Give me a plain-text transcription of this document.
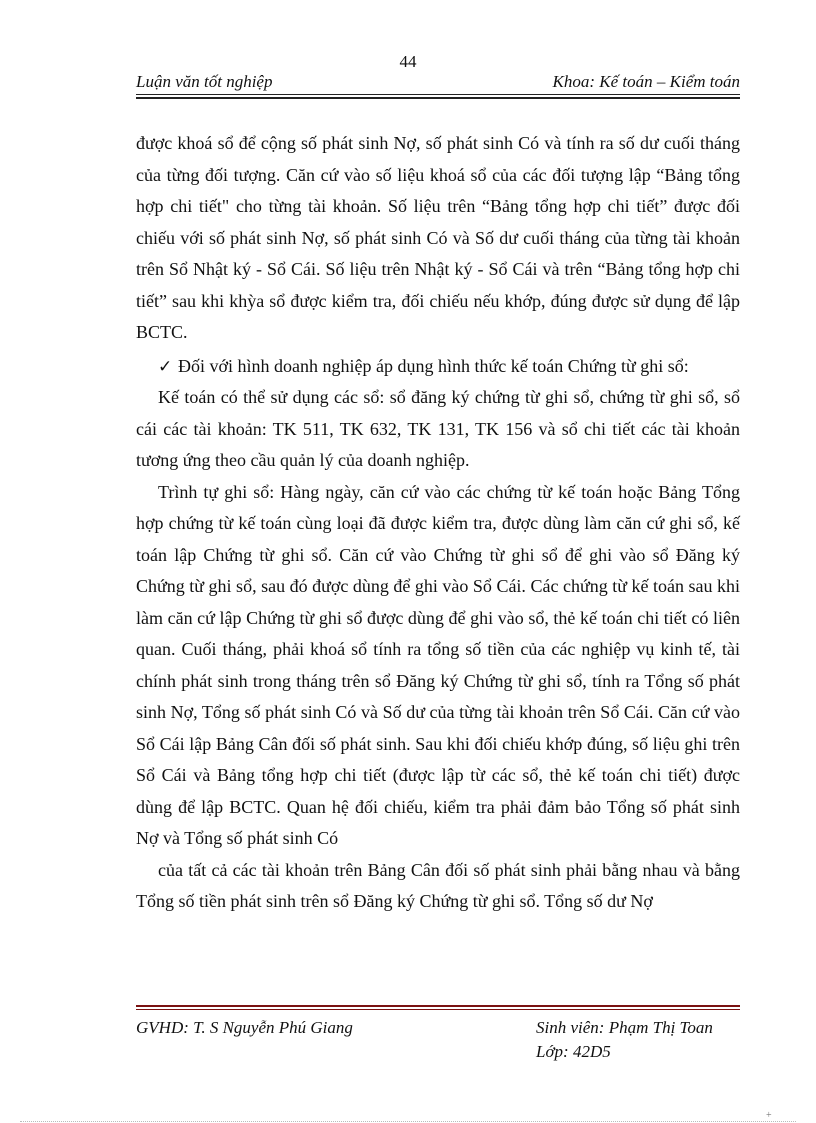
44
Luận văn tốt nghiệp	Khoa: Kế toán – Kiểm toán

được khoá sổ để cộng số phát sinh Nợ, số phát sinh Có và tính ra số dư cuối tháng của từng đối tượng. Căn cứ vào số liệu khoá sổ của các đối tượng lập “Bảng tổng hợp chi tiết" cho từng tài khoản. Số liệu trên “Bảng tổng hợp chi tiết” được đối chiếu với số phát sinh Nợ, số phát sinh Có và Số dư cuối tháng của từng tài khoản trên Sổ Nhật ký - Sổ Cái. Số liệu trên Nhật ký - Sổ Cái và trên “Bảng tổng hợp chi tiết” sau khi khỳa sổ được kiểm tra, đối chiếu nếu khớp, đúng được sử dụng để lập BCTC.

✓ Đối với hình doanh nghiệp áp dụng hình thức kế toán Chứng từ ghi sổ:

Kế toán có thể sử dụng các sổ: sổ đăng ký chứng từ ghi sổ, chứng từ ghi sổ, sổ cái các tài khoản: TK 511, TK 632, TK 131, TK 156 và sổ chi tiết các tài khoản tương ứng theo cầu quản lý của doanh nghiệp.

Trình tự ghi sổ: Hàng ngày, căn cứ vào các chứng từ kế toán hoặc Bảng Tổng hợp chứng từ kế toán cùng loại đã được kiểm tra, được dùng làm căn cứ ghi sổ, kế toán lập Chứng từ ghi sổ. Căn cứ vào Chứng từ ghi sổ để ghi vào sổ Đăng ký Chứng từ ghi sổ, sau đó được dùng để ghi vào Sổ Cái. Các chứng từ kế toán sau khi làm căn cứ lập Chứng từ ghi sổ được dùng để ghi vào sổ, thẻ kế toán chi tiết có liên quan. Cuối tháng, phải khoá sổ tính ra tổng số tiền của các nghiệp vụ kinh tế, tài chính phát sinh trong tháng trên sổ Đăng ký Chứng từ ghi sổ, tính ra Tổng số phát sinh Nợ, Tổng số phát sinh Có và Số dư của từng tài khoản trên Sổ Cái. Căn cứ vào Sổ Cái lập Bảng Cân đối số phát sinh. Sau khi đối chiếu khớp đúng, số liệu ghi trên Sổ Cái và Bảng tổng hợp chi tiết (được lập từ các sổ, thẻ kế toán chi tiết) được dùng để lập BCTC. Quan hệ đối chiếu, kiểm tra phải đảm bảo Tổng số phát sinh Nợ và Tổng số phát sinh Có

của tất cả các tài khoản trên Bảng Cân đối số phát sinh phải bằng nhau và bằng Tổng số tiền phát sinh trên sổ Đăng ký Chứng từ ghi sổ. Tổng số dư Nợ

GVHD: T. S Nguyễn Phú Giang	Sinh viên: Phạm Thị Toan
Lớp: 42D5
+
